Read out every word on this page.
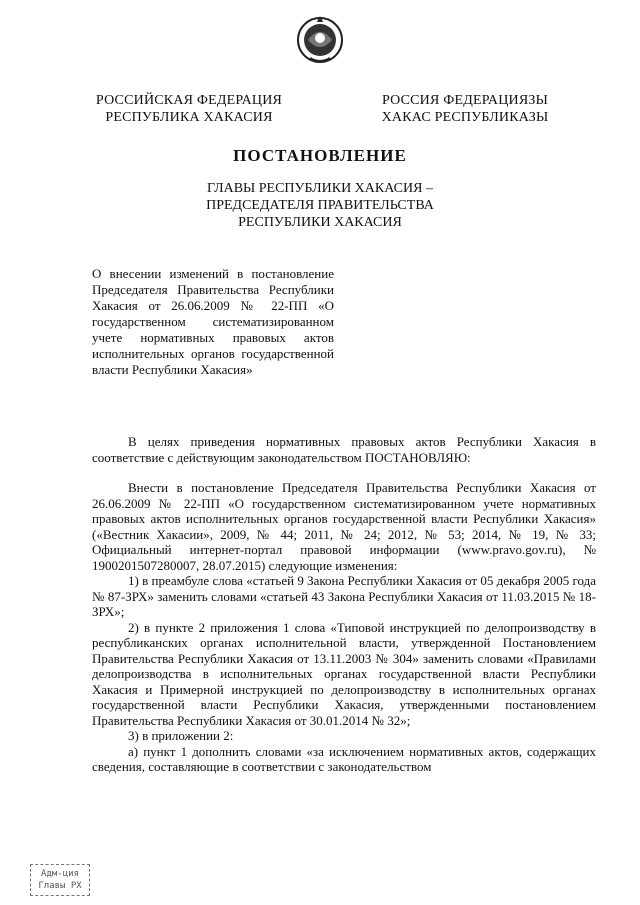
РОССИЙСКАЯ ФЕДЕРАЦИЯ
РЕСПУБЛИКА ХАКАСИЯ
РОССИЯ ФЕДЕРАЦИЯЗЫ
ХАКАС РЕСПУБЛИКАЗЫ
ПОСТАНОВЛЕНИЕ
ГЛАВЫ РЕСПУБЛИКИ ХАКАСИЯ –
ПРЕДСЕДАТЕЛЯ ПРАВИТЕЛЬСТВА
РЕСПУБЛИКИ ХАКАСИЯ
О внесении изменений в постановление Председателя Правительства Республики Хакасия от 26.06.2009 № 22-ПП «О государственном систематизированном учете нормативных правовых актов исполнительных органов государственной власти Республики Хакасия»

В целях приведения нормативных правовых актов Республики Хакасия в соответствие с действующим законодательством ПОСТАНОВЛЯЮ:

Внести в постановление Председателя Правительства Республики Хакасия от 26.06.2009 № 22-ПП «О государственном систематизированном учете нормативных правовых актов исполнительных органов государственной власти Республики Хакасия» («Вестник Хакасии», 2009, № 44; 2011, № 24; 2012, № 53; 2014, № 19, № 33; Официальный интернет-портал правовой информации (www.pravo.gov.ru), № 1900201507280007, 28.07.2015) следующие изменения:

1) в преамбуле слова «статьей 9 Закона Республики Хакасия от 05 декабря 2005 года № 87-ЗРХ» заменить словами «статьей 43 Закона Республики Хакасия от 11.03.2015 № 18-ЗРХ»;

2) в пункте 2 приложения 1 слова «Типовой инструкцией по делопроизводству в республиканских органах исполнительной власти, утвержденной Постановлением Правительства Республики Хакасия от 13.11.2003 № 304» заменить словами «Правилами делопроизводства в исполнительных органах государственной власти Республики Хакасия и Примерной инструкцией по делопроизводству в исполнительных органах государственной власти Республики Хакасия, утвержденными постановлением Правительства Республики Хакасия от 30.01.2014 № 32»;

3) в приложении 2:

а) пункт 1 дополнить словами «за исключением нормативных актов, содержащих сведения, составляющие в соответствии с законодательством

Адм-ция
Главы РХ
